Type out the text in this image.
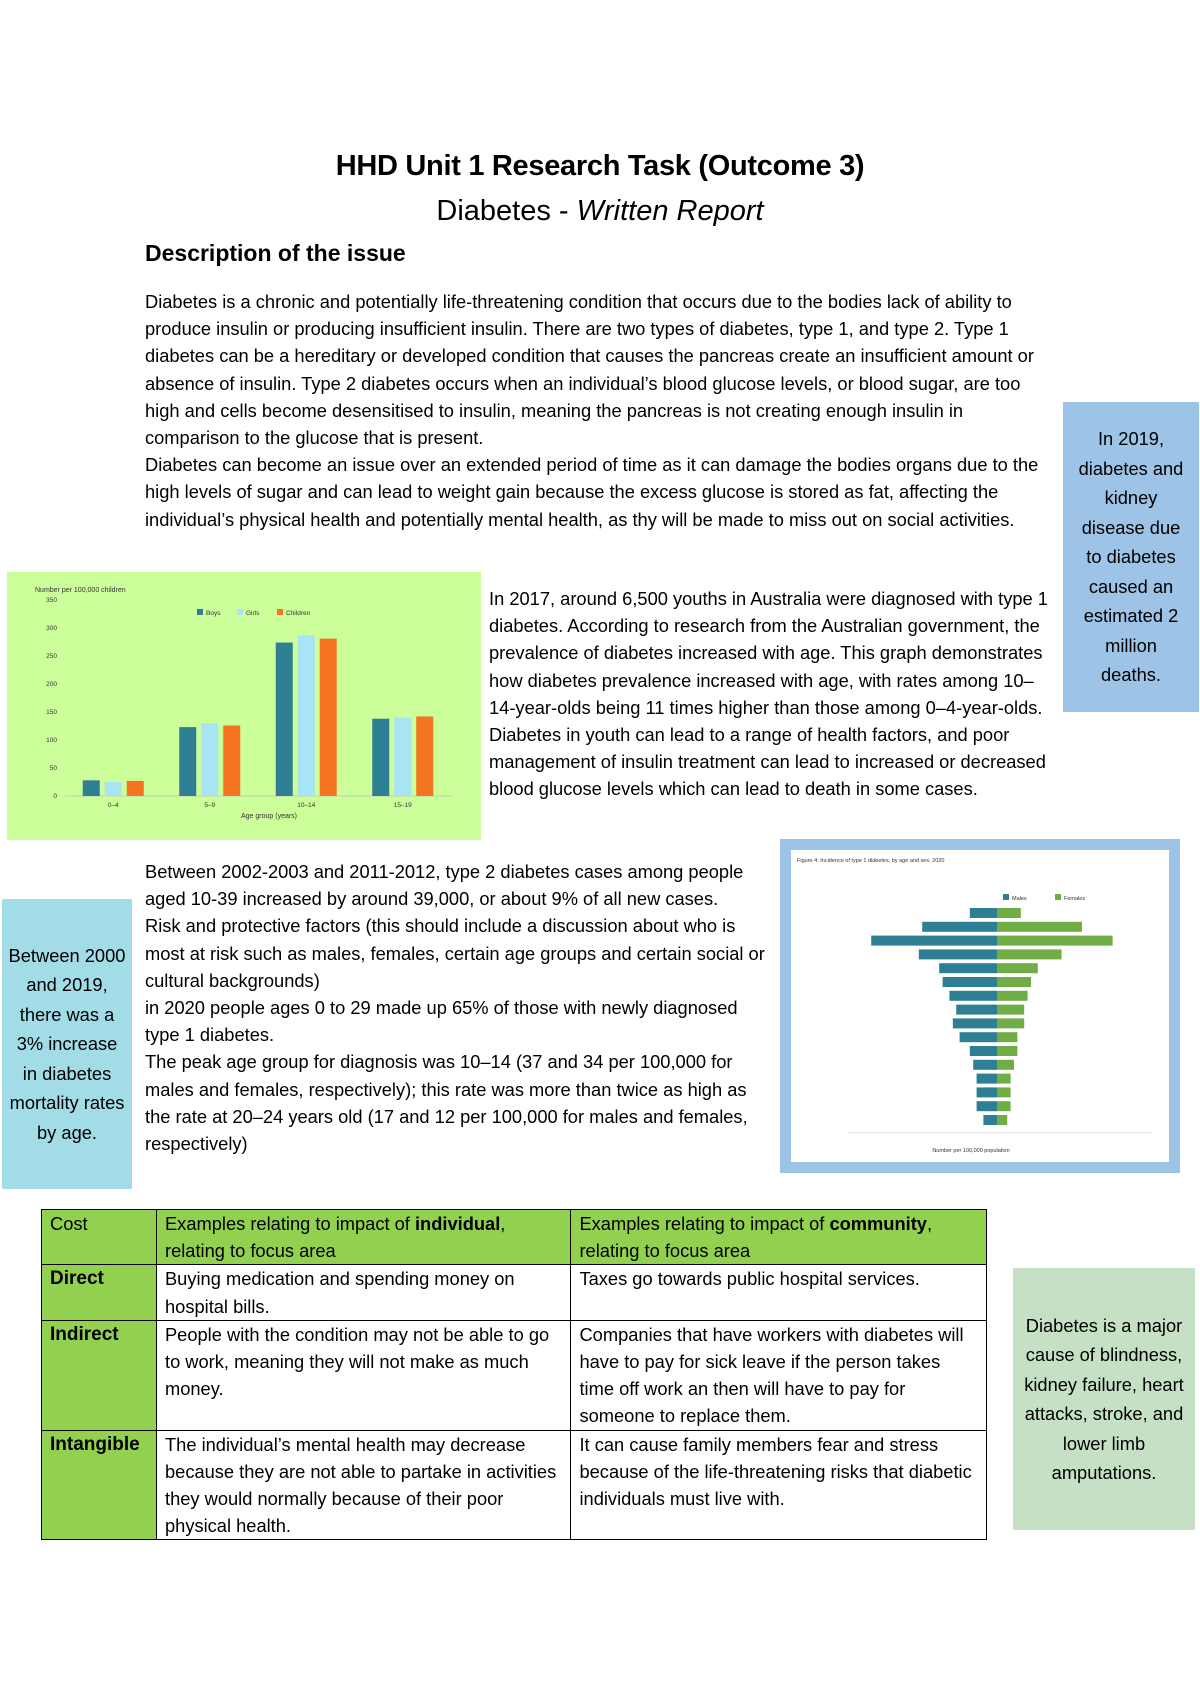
HHD Unit 1 Research Task (Outcome 3)
Diabetes - Written Report
Description of the issue

Diabetes is a chronic and potentially life-threatening condition that occurs due to the bodies lack of ability to produce insulin or producing insufficient insulin. There are two types of diabetes, type 1, and type 2. Type 1 diabetes can be a hereditary or developed condition that causes the pancreas create an insufficient amount or absence of insulin. Type 2 diabetes occurs when an individual’s blood glucose levels, or blood sugar, are too high and cells become desensitised to insulin, meaning the pancreas is not creating enough insulin in comparison to the glucose that is present.

Diabetes can become an issue over an extended period of time as it can damage the bodies organs due to the high levels of sugar and can lead to weight gain because the excess glucose is stored as fat, affecting the individual’s physical health and potentially mental health, as thy will be made to miss out on social activities.

In 2019, diabetes and kidney disease due to diabetes caused an estimated 2 million deaths.
Number per 100,000 children
Age group (years)
0
50
100
150
200
250
300
350
0–4	5–9	10–14	15–19
Boys	Girls	Children
In 2017, around 6,500 youths in Australia were diagnosed with type 1 diabetes. According to research from the Australian government, the prevalence of diabetes increased with age. This graph demonstrates how diabetes prevalence increased with age, with rates among 10–14-year-olds being 11 times higher than those among 0–4-year-olds. Diabetes in youth can lead to a range of health factors, and poor management of insulin treatment can lead to increased or decreased blood glucose levels which can lead to death in some cases.

Between 2002-2003 and 2011-2012, type 2 diabetes cases among people aged 10-39 increased by around 39,000, or about 9% of all new cases.

Risk and protective factors (this should include a discussion about who is most at risk such as males, females, certain age groups and certain social or cultural backgrounds)

in 2020 people ages 0 to 29 made up 65% of those with newly diagnosed type 1 diabetes.

The peak age group for diagnosis was 10–14 (37 and 34 per 100,000 for males and females, respectively); this rate was more than twice as high as the rate at 20–24 years old (17 and 12 per 100,000 for males and females, respectively)

Between 2000 and 2019, there was a 3% increase in diabetes mortality rates by age.
Figure 4: Incidence of type 1 diabetes, by age and sex, 2020
Number per 100,000 population
Males	Females
Cost	Examples relating to impact of individual, relating to focus area	Examples relating to impact of community, relating to focus area
Direct	Buying medication and spending money on hospital bills.	Taxes go towards public hospital services.
Indirect	People with the condition may not be able to go to work, meaning they will not make as much money.	Companies that have workers with diabetes will have to pay for sick leave if the person takes time off work an then will have to pay for someone to replace them.
Intangible	The individual’s mental health may decrease because they are not able to partake in activities they would normally because of their poor physical health.	It can cause family members fear and stress because of the life-threatening risks that diabetic individuals must live with.
Diabetes is a major cause of blindness, kidney failure, heart attacks, stroke, and lower limb amputations.
